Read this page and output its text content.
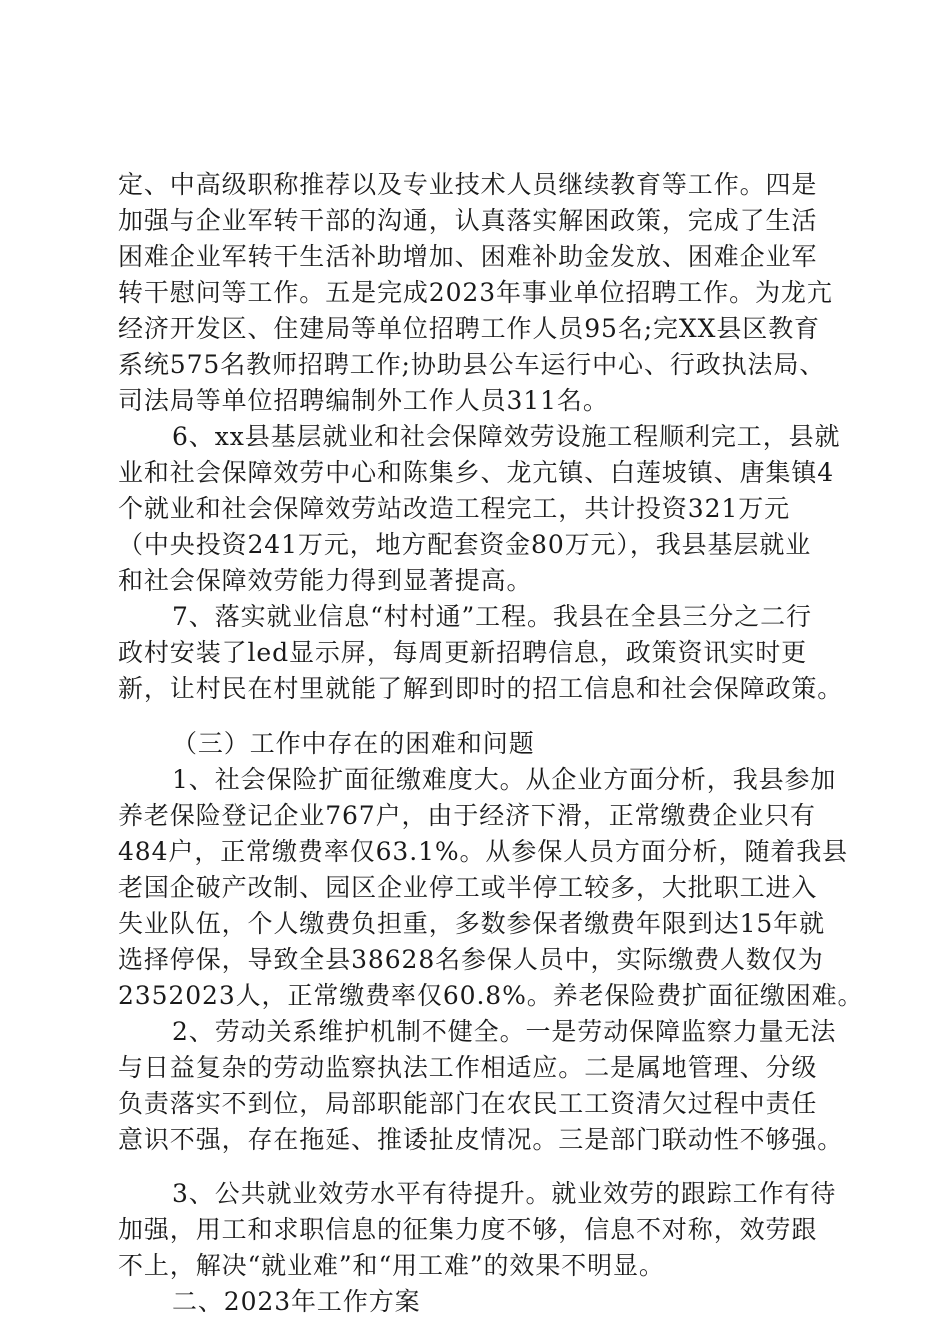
定、中高级职称推荐以及专业技术人员继续教育等工作。四是
加强与企业军转干部的沟通，认真落实解困政策，完成了生活
困难企业军转干生活补助增加、困难补助金发放、困难企业军
转干慰问等工作。五是完成2023年事业单位招聘工作。为龙亢
经济开发区、住建局等单位招聘工作人员95名;完XX县区教育
系统575名教师招聘工作;协助县公车运行中心、行政执法局、
司法局等单位招聘编制外工作人员311名。
6、xx县基层就业和社会保障效劳设施工程顺利完工，县就
业和社会保障效劳中心和陈集乡、龙亢镇、白莲坡镇、唐集镇4
个就业和社会保障效劳站改造工程完工，共计投资321万元
（中央投资241万元，地方配套资金80万元），我县基层就业
和社会保障效劳能力得到显著提高。
7、落实就业信息“村村通”工程。我县在全县三分之二行
政村安装了led显示屏，每周更新招聘信息，政策资讯实时更
新，让村民在村里就能了解到即时的招工信息和社会保障政策。
（三）工作中存在的困难和问题
1、社会保险扩面征缴难度大。从企业方面分析，我县参加
养老保险登记企业767户，由于经济下滑，正常缴费企业只有
484户，正常缴费率仅63.1%。从参保人员方面分析，随着我县
老国企破产改制、园区企业停工或半停工较多，大批职工进入
失业队伍，个人缴费负担重，多数参保者缴费年限到达15年就
选择停保，导致全县38628名参保人员中，实际缴费人数仅为
2352023人，正常缴费率仅60.8%。养老保险费扩面征缴困难。
2、劳动关系维护机制不健全。一是劳动保障监察力量无法
与日益复杂的劳动监察执法工作相适应。二是属地管理、分级
负责落实不到位，局部职能部门在农民工工资清欠过程中责任
意识不强，存在拖延、推诿扯皮情况。三是部门联动性不够强。
3、公共就业效劳水平有待提升。就业效劳的跟踪工作有待
加强，用工和求职信息的征集力度不够，信息不对称，效劳跟
不上，解决“就业难”和“用工难”的效果不明显。
二、2023年工作方案
